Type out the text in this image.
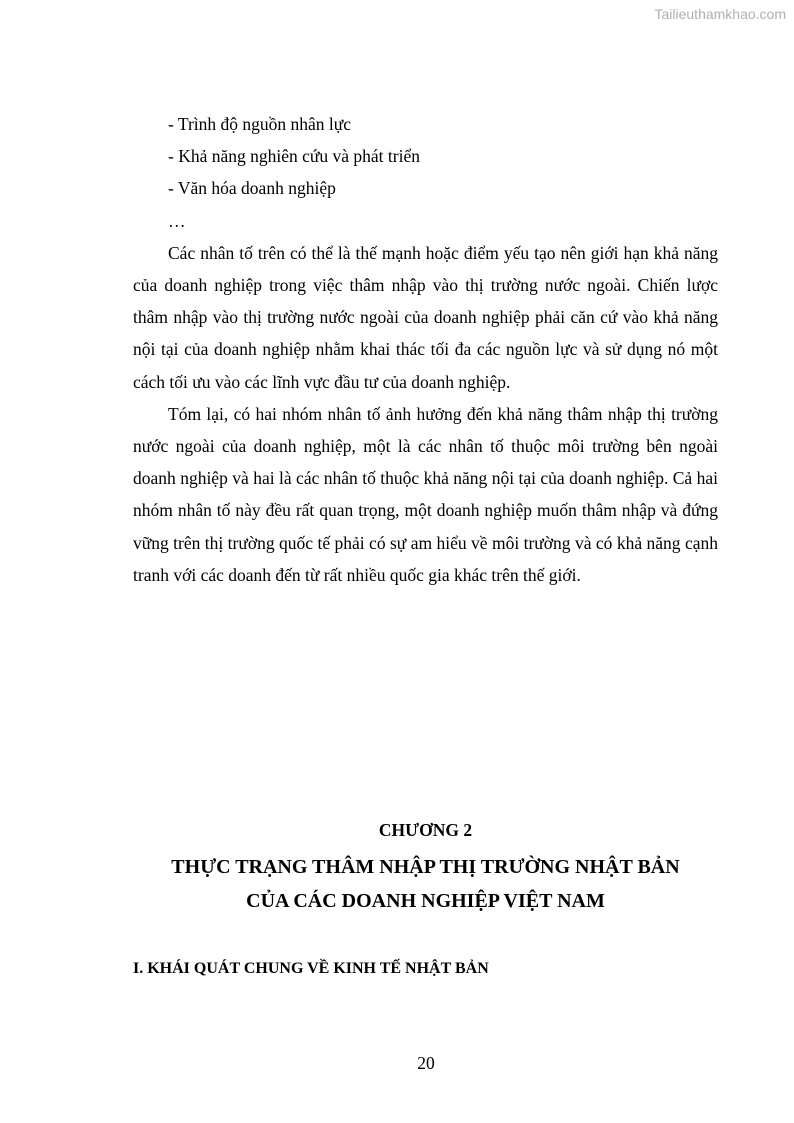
Tailieuthamkhao.com

- Trình độ nguồn nhân lực

- Khả năng nghiên cứu và phát triển

- Văn hóa doanh nghiệp

…

Các nhân tố trên có thể là thế mạnh hoặc điểm yếu tạo nên giới hạn khả năng của doanh nghiệp trong việc thâm nhập vào thị trường nước ngoài. Chiến lược thâm nhập vào thị trường nước ngoài của doanh nghiệp phải căn cứ vào khả năng nội tại của doanh nghiệp nhằm khai thác tối đa các nguồn lực và sử dụng nó một cách tối ưu vào các lĩnh vực đầu tư của doanh nghiệp.

Tóm lại, có hai nhóm nhân tố ảnh hưởng đến khả năng thâm nhập thị trường nước ngoài của doanh nghiệp, một là các nhân tố thuộc môi trường bên ngoài doanh nghiệp và hai là các nhân tố thuộc khả năng nội tại của doanh nghiệp. Cả hai nhóm nhân tố này đều rất quan trọng, một doanh nghiệp muốn thâm nhập và đứng vững trên thị trường quốc tế phải có sự am hiểu về môi trường và có khả năng cạnh tranh với các doanh đến từ rất nhiều quốc gia khác trên thế giới.

CHƯƠNG 2
THỰC TRẠNG THÂM NHẬP THỊ TRƯỜNG NHẬT BẢN
CỦA CÁC DOANH NGHIỆP VIỆT NAM
I. KHÁI QUÁT CHUNG VỀ KINH TẾ NHẬT BẢN
20
